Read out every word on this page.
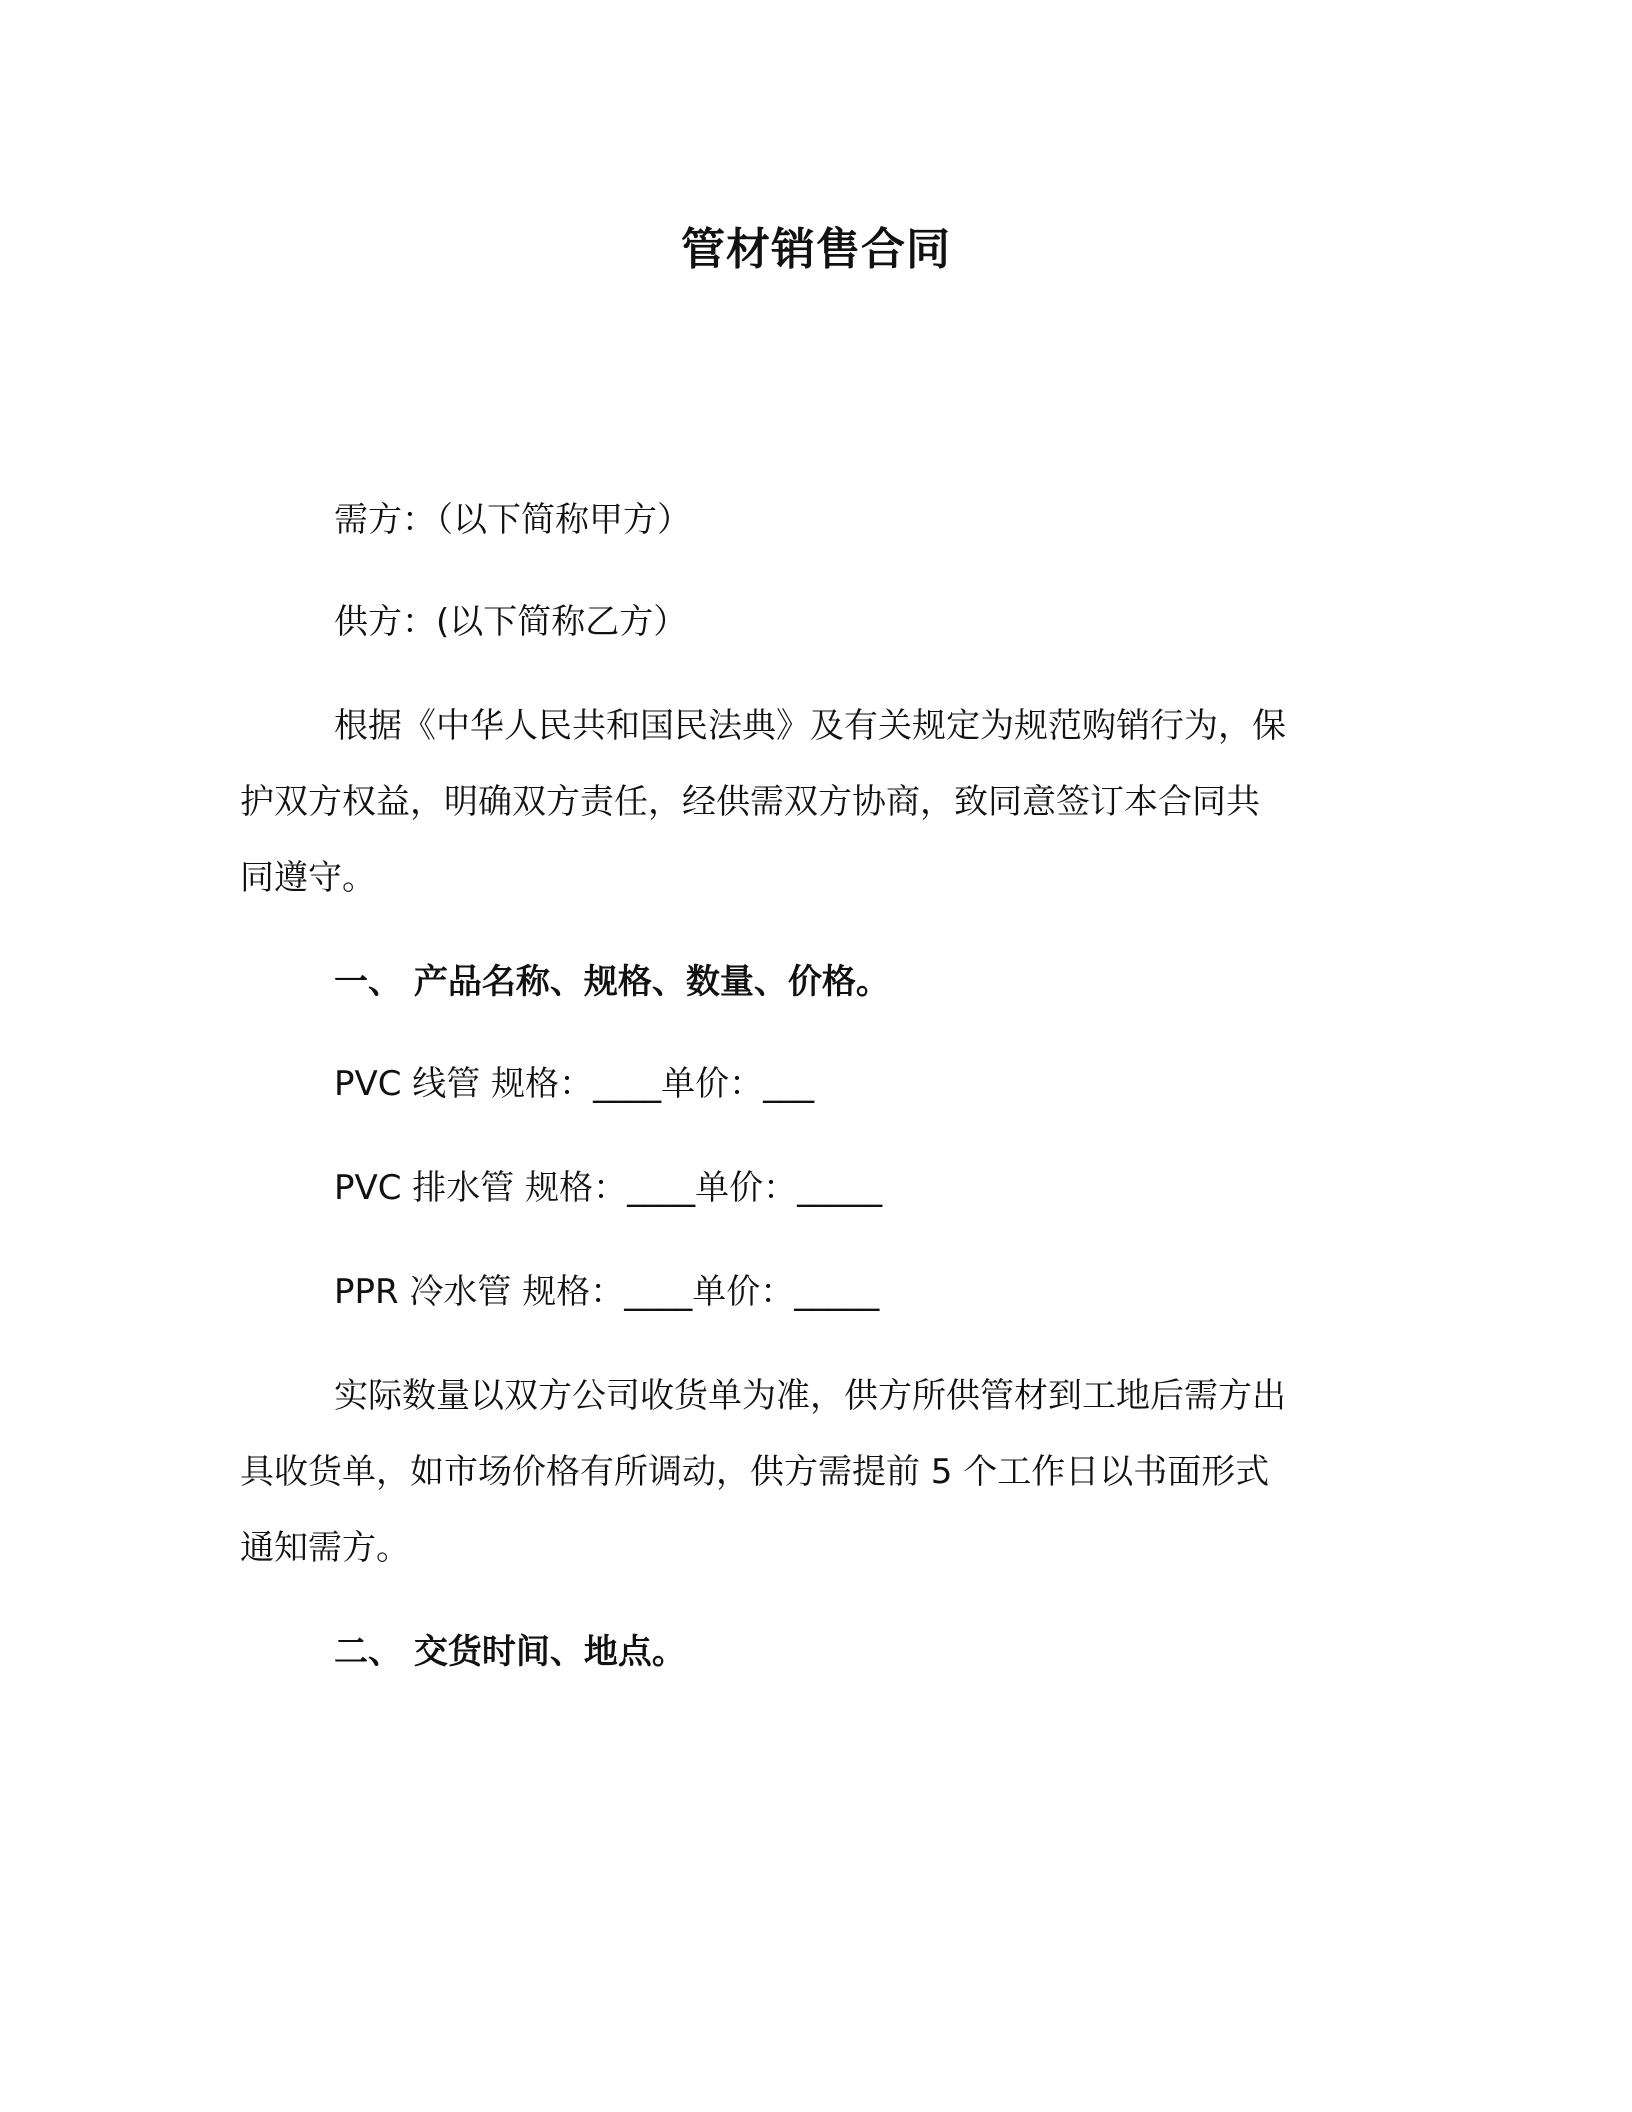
管材销售合同
需方：（以下简称甲方）
供方：(以下简称乙方）
根据《中华人民共和国民法典》及有关规定为规范购销行为，保
护双方权益，明确双方责任，经供需双方协商，致同意签订本合同共
同遵守。
一、 产品名称、规格、数量、价格。
PVC 线管 规格：____单价：___
PVC 排水管 规格：____单价：_____
PPR 冷水管 规格：____单价：_____
实际数量以双方公司收货单为准，供方所供管材到工地后需方出
具收货单，如市场价格有所调动，供方需提前 5 个工作日以书面形式
通知需方。
二、 交货时间、地点。
